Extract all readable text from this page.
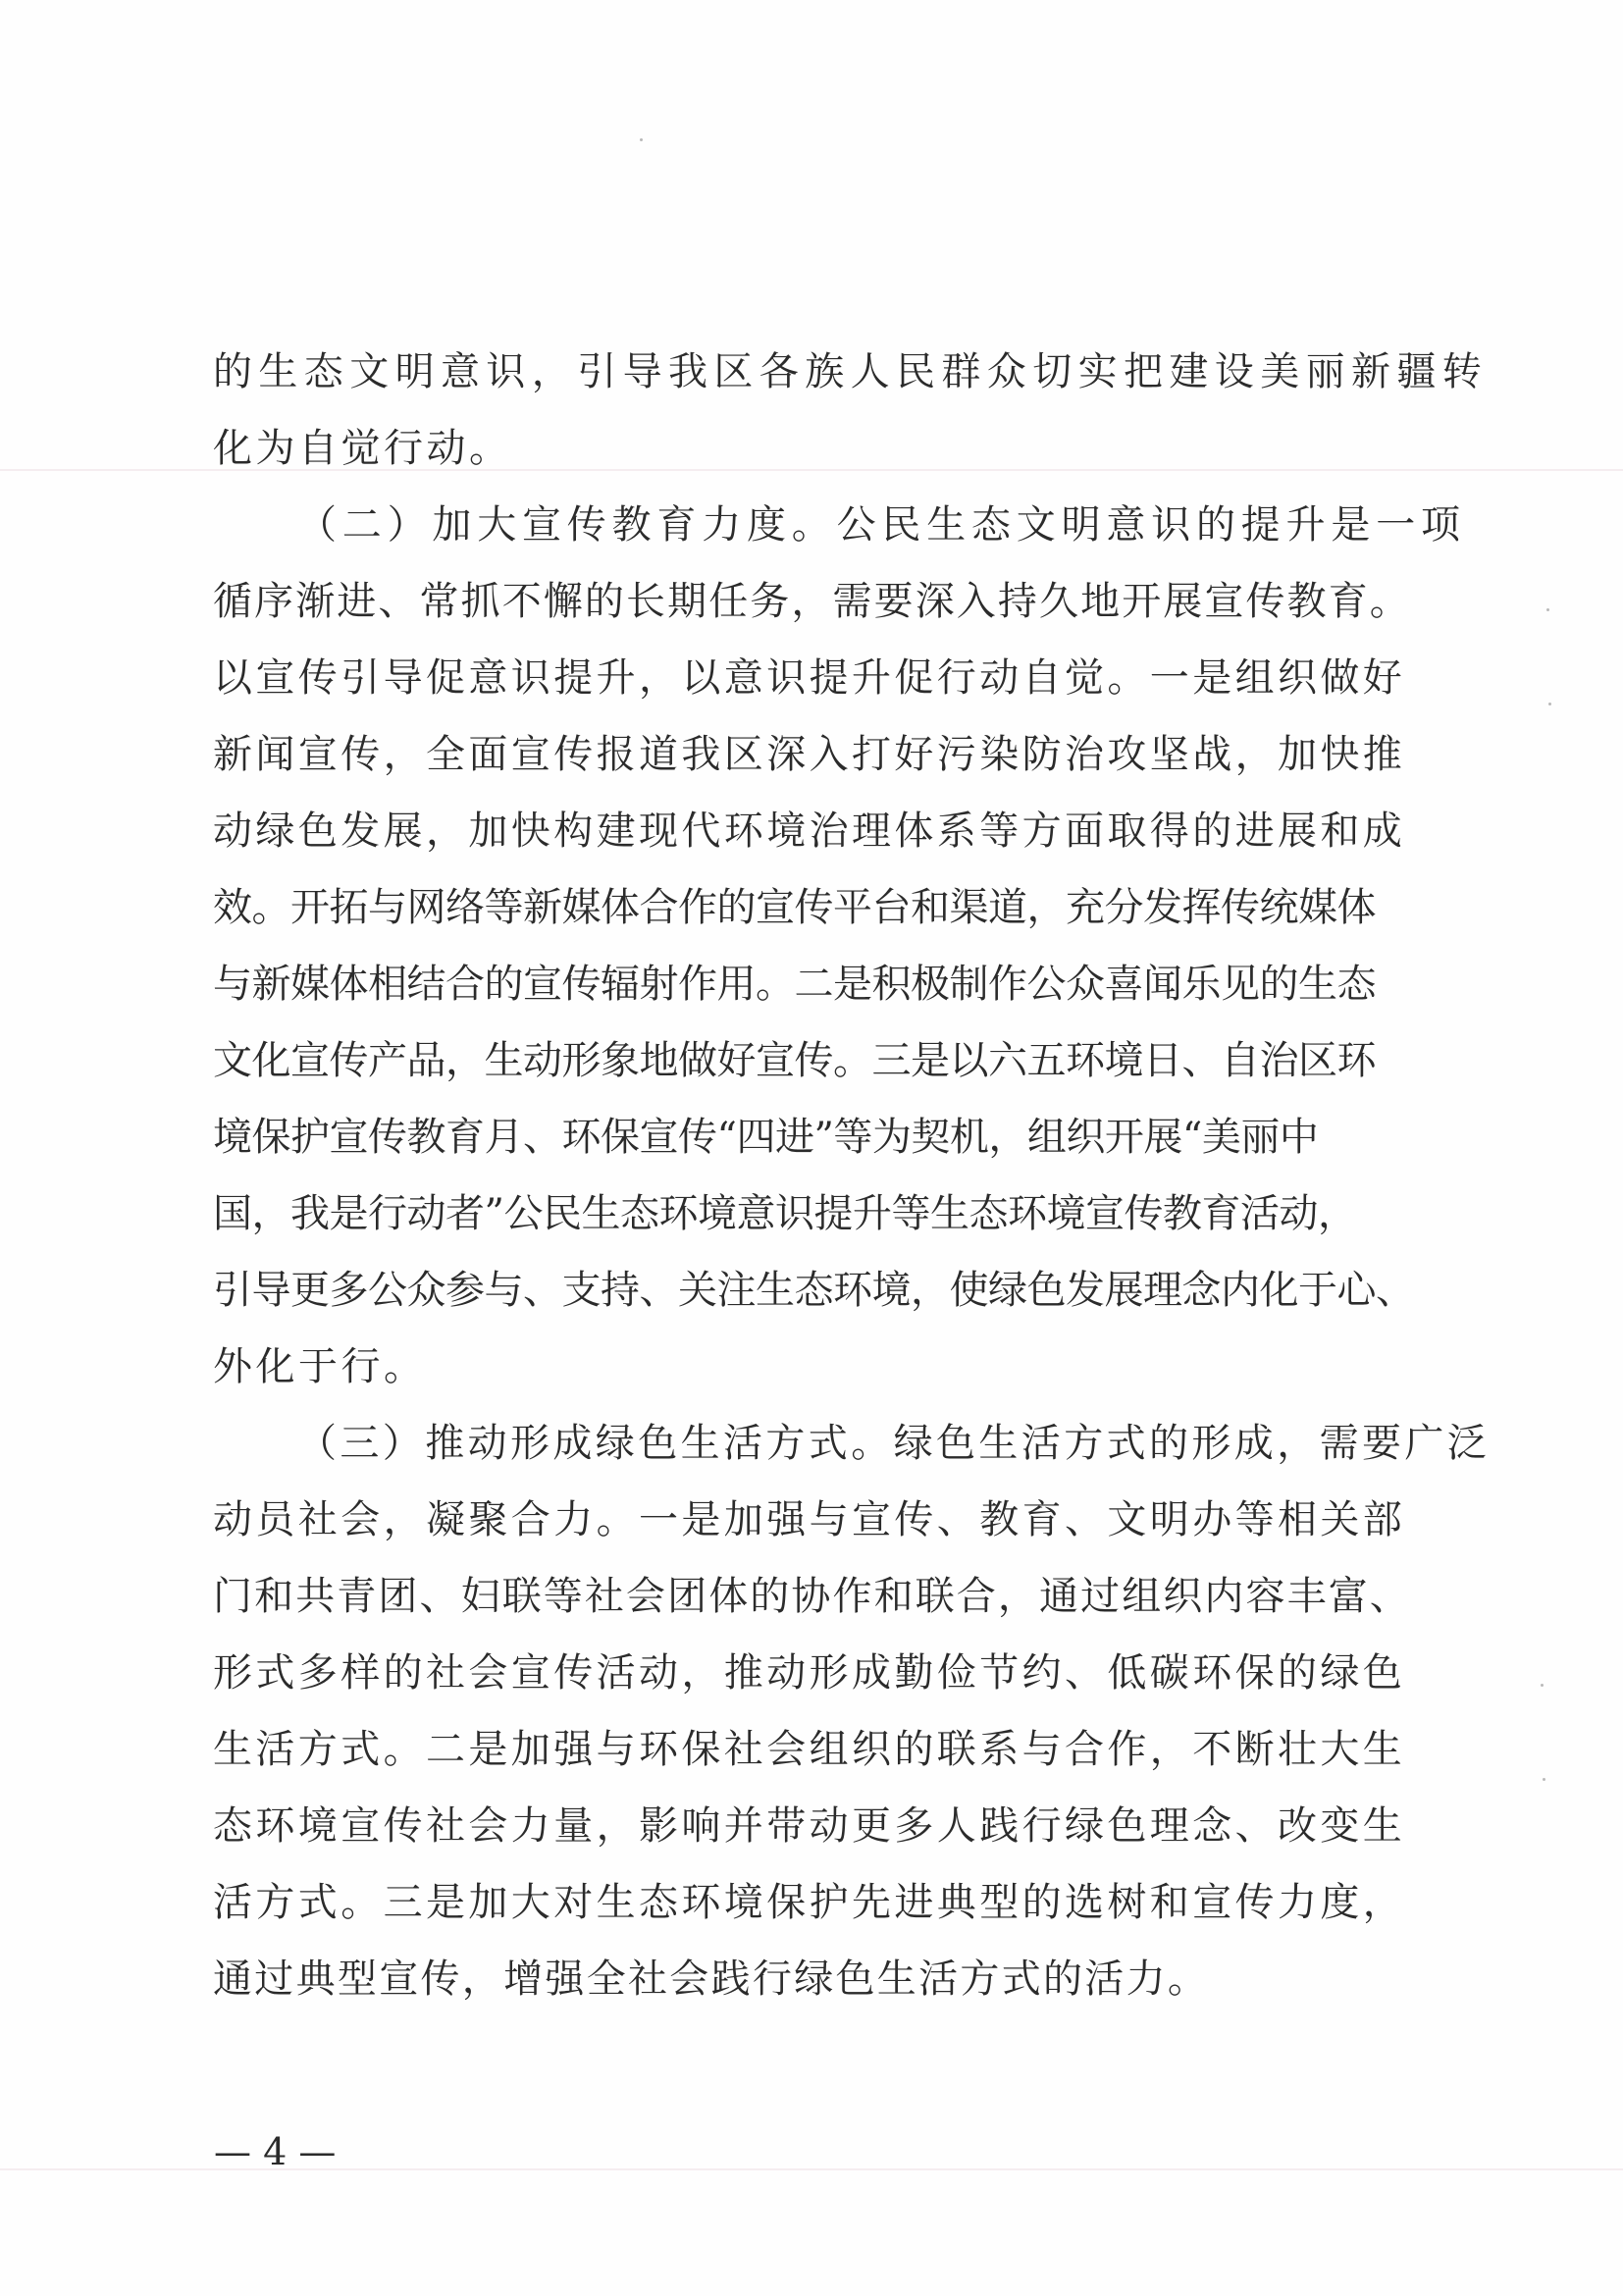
的生态文明意识，引导我区各族人民群众切实把建设美丽新疆转
化为自觉行动。
（二）加大宣传教育力度。公民生态文明意识的提升是一项
循序渐进、常抓不懈的长期任务，需要深入持久地开展宣传教育。
以宣传引导促意识提升，以意识提升促行动自觉。一是组织做好
新闻宣传，全面宣传报道我区深入打好污染防治攻坚战，加快推
动绿色发展，加快构建现代环境治理体系等方面取得的进展和成
效。开拓与网络等新媒体合作的宣传平台和渠道，充分发挥传统媒体
与新媒体相结合的宣传辐射作用。二是积极制作公众喜闻乐见的生态
文化宣传产品，生动形象地做好宣传。三是以六五环境日、自治区环
境保护宣传教育月、环保宣传“四进”等为契机，组织开展“美丽中
国，我是行动者”公民生态环境意识提升等生态环境宣传教育活动，
引导更多公众参与、支持、关注生态环境，使绿色发展理念内化于心、
外化于行。
（三）推动形成绿色生活方式。绿色生活方式的形成，需要广泛
动员社会，凝聚合力。一是加强与宣传、教育、文明办等相关部
门和共青团、妇联等社会团体的协作和联合，通过组织内容丰富、
形式多样的社会宣传活动，推动形成勤俭节约、低碳环保的绿色
生活方式。二是加强与环保社会组织的联系与合作，不断壮大生
态环境宣传社会力量，影响并带动更多人践行绿色理念、改变生
活方式。三是加大对生态环境保护先进典型的选树和宣传力度，
通过典型宣传，增强全社会践行绿色生活方式的活力。
— 4 —
